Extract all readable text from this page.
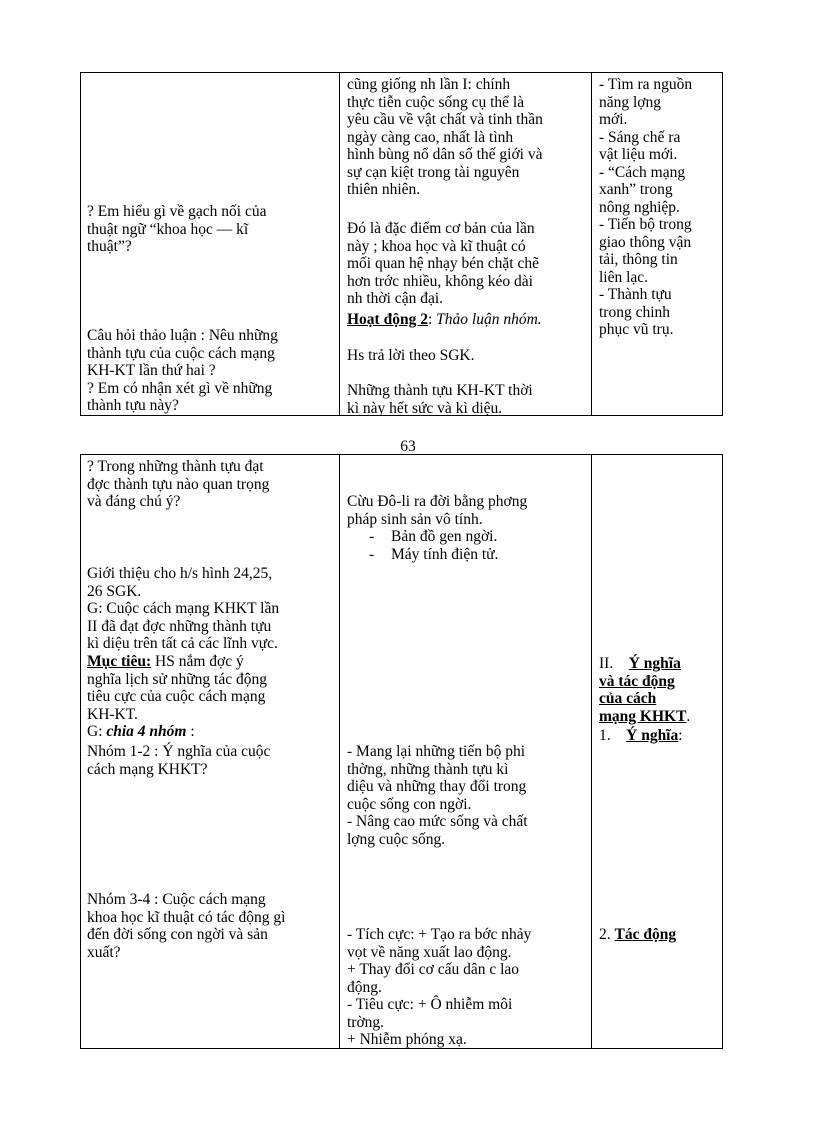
? Em hiểu gì về gạch nối của
thuật ngữ “khoa học — kĩ
thuật”?
Câu hỏi thảo luận : Nêu những
thành tựu của cuộc cách mạng
KH-KT lần thứ hai ?
? Em có nhận xét gì về những
thành tựu này?
cũng giống nh lần I: chính
thực tiễn cuộc sống cụ thể là
yêu cầu về vật chất và tinh thần
ngày càng cao, nhất là tình
hình bùng nổ dân số thế giới và
sự cạn kiệt trong tài nguyên
thiên nhiên.
Đó là đặc điểm cơ bản của lần
này ; khoa học và kĩ thuật có
mối quan hệ nhạy bén chặt chẽ
hơn trớc nhiều, không kéo dài
nh thời cận đại.
Hoạt động 2: Thảo luận nhóm.
Hs trả lời theo SGK.
Những thành tựu KH-KT thời
kì này hết sức và kì diệu.
- Tìm ra nguồn
năng lợng
mới.
- Sáng chế ra
vật liệu mới.
- “Cách mạng
xanh” trong
nông nghiệp.
- Tiến bộ trong
giao thông vận
tải, thông tin
liên lạc.
- Thành tựu
trong chinh
phục vũ trụ.
63
? Trong những thành tựu đạt
đợc thành tựu nào quan trọng
và đáng chú ý?
Giới thiệu cho h/s hình 24,25,
26 SGK.
G: Cuộc cách mạng KHKT lần
II đã đạt đợc những thành tựu
kì diệu trên tất cả các lĩnh vực.
Mục tiêu: HS nắm đợc ý
nghĩa lịch sử những tác động
tiêu cực của cuộc cách mạng
KH-KT.
G: chia 4 nhóm :
Nhóm 1-2 : Ý nghĩa của cuộc
cách mạng KHKT?
Nhóm 3-4 : Cuộc cách mạng
khoa học kĩ thuật có tác động gì
đến đời sống con ngời và sản
xuất?
Cừu Đô-li ra đời bằng phơng
pháp sinh sản vô tính.
- Bản đồ gen ngời.
- Máy tính điện tử.
- Mang lại những tiến bộ phi
thờng, những thành tựu kì
diệu và những thay đổi trong
cuộc sống con ngời.
- Nâng cao mức sống và chất
lợng cuộc sống.
- Tích cực: + Tạo ra bớc nhảy
vọt về năng xuất lao động.
+ Thay đổi cơ cấu dân c lao
động.
- Tiêu cực: + Ô nhiễm môi
trờng.
+ Nhiễm phóng xạ.
II. Ý nghĩa
và tác động
của cách
mạng KHKT.
1. Ý nghĩa:
2. Tác động
